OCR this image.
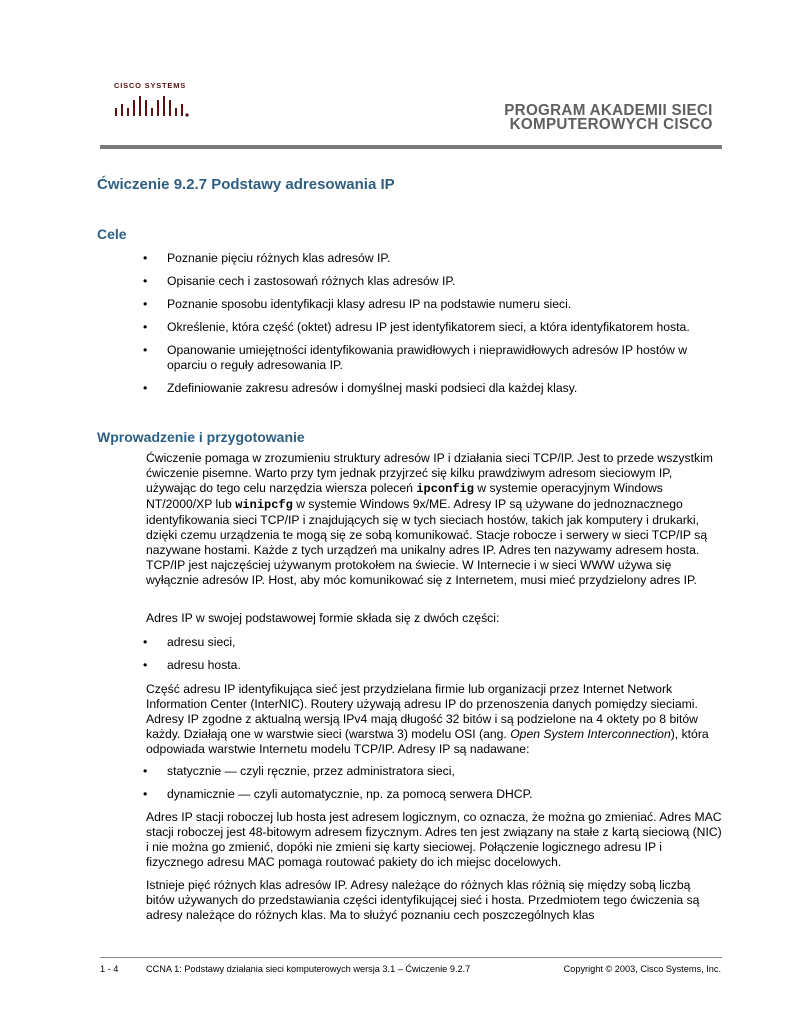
CISCO SYSTEMS
PROGRAM AKADEMII SIECI
KOMPUTEROWYCH CISCO
Ćwiczenie 9.2.7 Podstawy adresowania IP
Cele
• Poznanie pięciu różnych klas adresów IP.
• Opisanie cech i zastosowań różnych klas adresów IP.
• Poznanie sposobu identyfikacji klasy adresu IP na podstawie numeru sieci.
• Określenie, która część (oktet) adresu IP jest identyfikatorem sieci, a która identyfikatorem hosta.
• Opanowanie umiejętności identyfikowania prawidłowych i nieprawidłowych adresów IP hostów w oparciu o reguły adresowania IP.
• Zdefiniowanie zakresu adresów i domyślnej maski podsieci dla każdej klasy.
Wprowadzenie i przygotowanie

Ćwiczenie pomaga w zrozumieniu struktury adresów IP i działania sieci TCP/IP. Jest to przede wszystkim ćwiczenie pisemne. Warto przy tym jednak przyjrzeć się kilku prawdziwym adresom sieciowym IP, używając do tego celu narzędzia wiersza poleceń ipconfig w systemie operacyjnym Windows NT/2000/XP lub winipcfg w systemie Windows 9x/ME. Adresy IP są używane do jednoznacznego identyfikowania sieci TCP/IP i znajdujących się w tych sieciach hostów, takich jak komputery i drukarki, dzięki czemu urządzenia te mogą się ze sobą komunikować. Stacje robocze i serwery w sieci TCP/IP są nazywane hostami. Każde z tych urządzeń ma unikalny adres IP. Adres ten nazywamy adresem hosta. TCP/IP jest najczęściej używanym protokołem na świecie. W Internecie i w sieci WWW używa się wyłącznie adresów IP. Host, aby móc komunikować się z Internetem, musi mieć przydzielony adres IP.

Adres IP w swojej podstawowej formie składa się z dwóch części:

• adresu sieci,
• adresu hosta.

Część adresu IP identyfikująca sieć jest przydzielana firmie lub organizacji przez Internet Network Information Center (InterNIC). Routery używają adresu IP do przenoszenia danych pomiędzy sieciami. Adresy IP zgodne z aktualną wersją IPv4 mają długość 32 bitów i są podzielone na 4 oktety po 8 bitów każdy. Działają one w warstwie sieci (warstwa 3) modelu OSI (ang. Open System Interconnection), która odpowiada warstwie Internetu modelu TCP/IP. Adresy IP są nadawane:

• statycznie — czyli ręcznie, przez administratora sieci,
• dynamicznie — czyli automatycznie, np. za pomocą serwera DHCP.

Adres IP stacji roboczej lub hosta jest adresem logicznym, co oznacza, że można go zmieniać. Adres MAC stacji roboczej jest 48-bitowym adresem fizycznym. Adres ten jest związany na stałe z kartą sieciową (NIC) i nie można go zmienić, dopóki nie zmieni się karty sieciowej. Połączenie logicznego adresu IP i fizycznego adresu MAC pomaga routować pakiety do ich miejsc docelowych.

Istnieje pięć różnych klas adresów IP. Adresy należące do różnych klas różnią się między sobą liczbą bitów używanych do przedstawiania części identyfikującej sieć i hosta. Przedmiotem tego ćwiczenia są adresy należące do różnych klas. Ma to służyć poznaniu cech poszczególnych klas

1 - 4	CCNA 1: Podstawy działania sieci komputerowych wersja 3.1 – Ćwiczenie 9.2.7	Copyright © 2003, Cisco Systems, Inc.
